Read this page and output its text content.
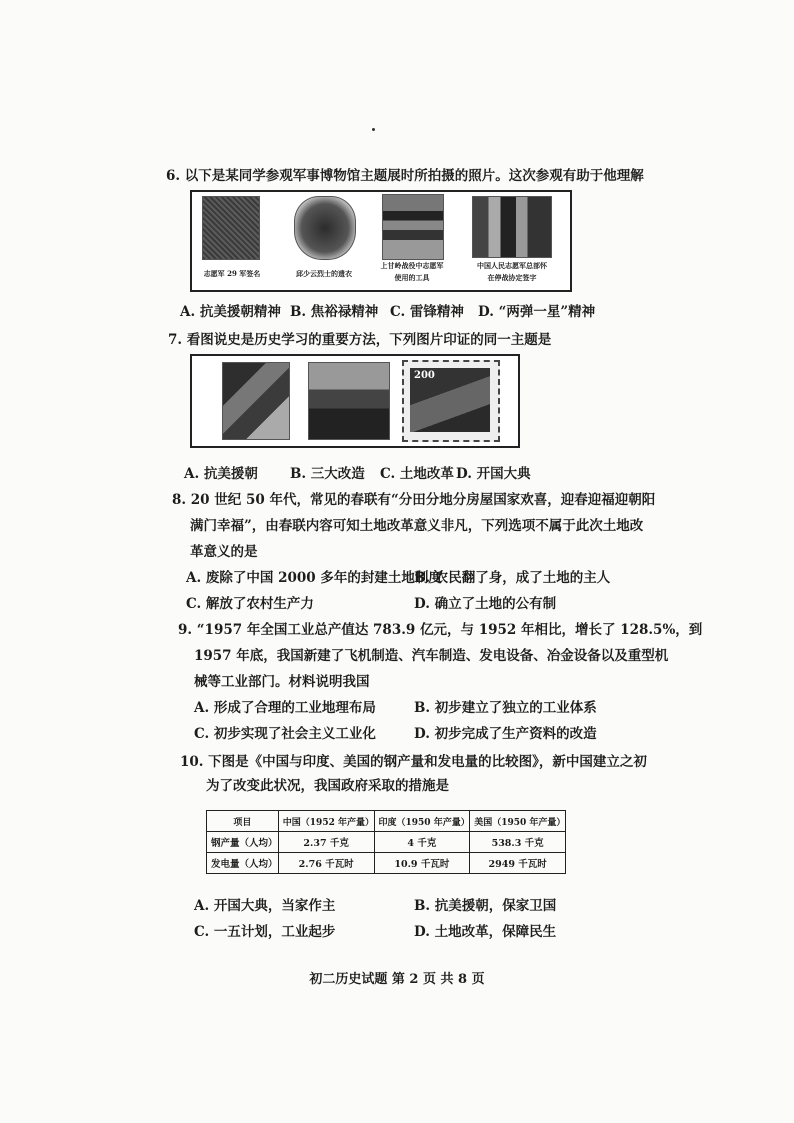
6. 以下是某同学参观军事博物馆主题展时所拍摄的照片。这次参观有助于他理解
志愿军 29 军签名	邱少云烈士的遗衣
上甘岭战役中志愿军
使用的工具
中国人民志愿军总部怀
在停战协定签字
A. 抗美援朝精神 B. 焦裕禄精神 C. 雷锋精神 D. “两弹一星”精神
7. 看图说史是历史学习的重要方法，下列图片印证的同一主题是
200
A. 抗美援朝 B. 三大改造 C. 土地改革 D. 开国大典
8. 20 世纪 50 年代，常见的春联有“分田分地分房屋国家欢喜，迎春迎福迎朝阳
满门幸福”，由春联内容可知土地改革意义非凡，下列选项不属于此次土地改
革意义的是
A. 废除了中国 2000 多年的封建土地制度
B. 农民翻了身，成了土地的主人
C. 解放了农村生产力	D. 确立了土地的公有制
9. “1957 年全国工业总产值达 783.9 亿元，与 1952 年相比，增长了 128.5%，到
1957 年底，我国新建了飞机制造、汽车制造、发电设备、冶金设备以及重型机
械等工业部门。材料说明我国
A. 形成了合理的工业地理布局	B. 初步建立了独立的工业体系
C. 初步实现了社会主义工业化	D. 初步完成了生产资料的改造
10. 下图是《中国与印度、美国的钢产量和发电量的比较图》，新中国建立之初
为了改变此状况，我国政府采取的措施是
项目	中国（1952 年产量）	印度（1950 年产量）	美国（1950 年产量）
钢产量（人均）	2.37 千克	4 千克	538.3 千克
发电量（人均）	2.76 千瓦时	10.9 千瓦时	2949 千瓦时
A. 开国大典，当家作主	B. 抗美援朝，保家卫国
C. 一五计划，工业起步	D. 土地改革，保障民生
初二历史试题 第 2 页 共 8 页
